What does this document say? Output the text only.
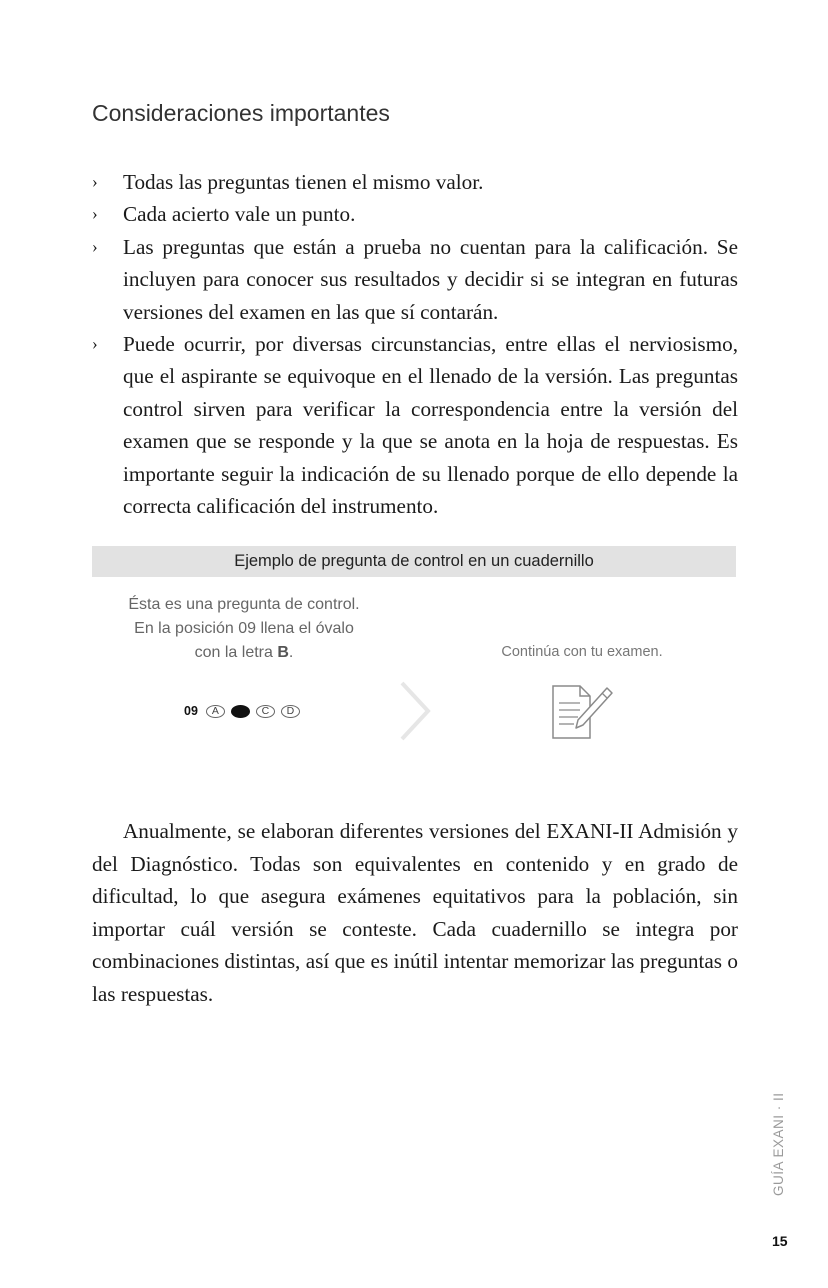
Consideraciones importantes
› Todas las preguntas tienen el mismo valor.
› Cada acierto vale un punto.
› Las preguntas que están a prueba no cuentan para la calificación. Se incluyen para conocer sus resultados y decidir si se integran en futuras versiones del examen en las que sí contarán.
› Puede ocurrir, por diversas circunstancias, entre ellas el nerviosismo, que el aspirante se equivoque en el llenado de la versión. Las preguntas control sirven para verificar la correspondencia entre la versión del examen que se responde y la que se anota en la hoja de respuestas. Es importante seguir la indicación de su llenado porque de ello depende la correcta calificación del instrumento.
Ejemplo de pregunta de control en un cuadernillo
Ésta es una pregunta de control.
En la posición 09 llena el óvalo
con la letra B.
09	A	C	D
Continúa con tu examen.

Anualmente, se elaboran diferentes versiones del EXANI-II Admisión y del Diagnóstico. Todas son equivalentes en contenido y en grado de dificultad, lo que asegura exámenes equitativos para la población, sin importar cuál versión se conteste. Cada cuadernillo se integra por combinaciones distintas, así que es inútil intentar memorizar las preguntas o las respuestas.

GUÍA EXANI · II
15
